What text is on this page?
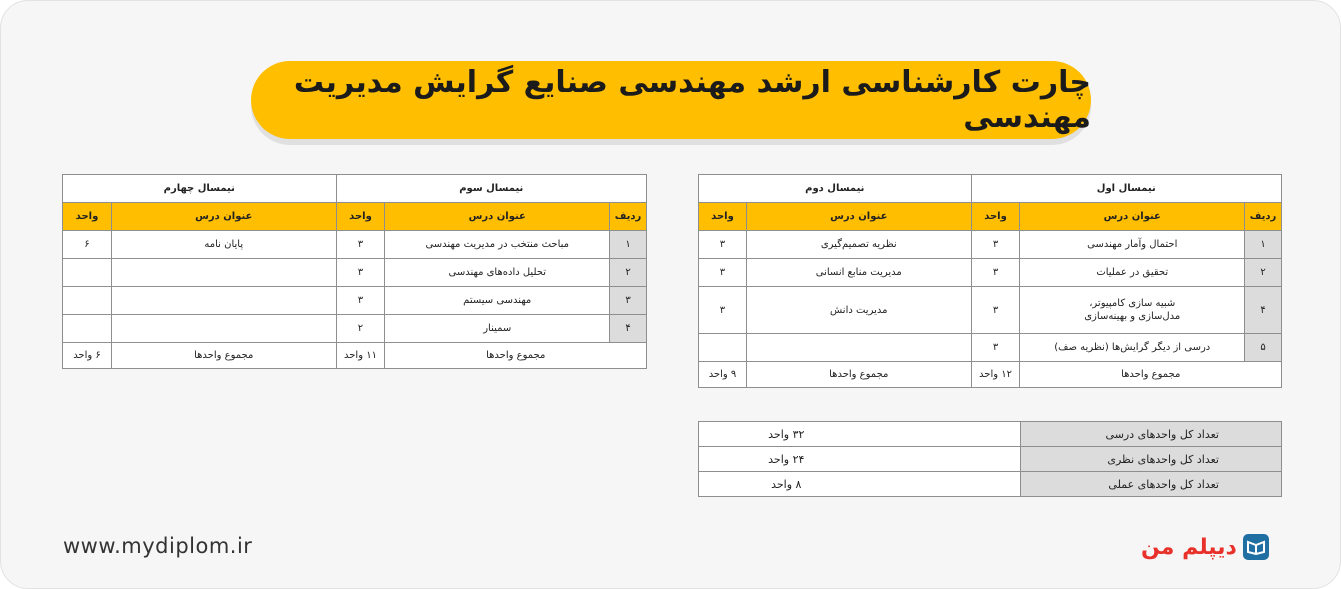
چارت کارشناسی ارشد مهندسی صنایع گرایش مدیریت مهندسی
نیمسال اول			نیمسال دوم	
ردیف	عنوان درس	واحد	عنوان درس	واحد
۱	احتمال وآمار مهندسی	۳	نظریه تصمیم‌گیری	۳
۲	تحقیق در عملیات	۳	مدیریت منابع انسانی	۳
۴	شبیه سازی کامپیوتر،
مدل‌سازی و بهینه‌سازی	۳	مدیریت دانش	۳
۵	درسی از دیگر گرایش‌ها (نظریه صف)	۳		
مجموع واحدها		۱۲ واحد	مجموع واحدها	۹ واحد
نیمسال سوم			نیمسال چهارم	
ردیف	عنوان درس	واحد	عنوان درس	واحد
۱	مباحث منتخب در مدیریت مهندسی	۳	پایان نامه	۶
۲	تحلیل داده‌های مهندسی	۳		
۳	مهندسی سیستم	۳		
۴	سمینار	۲		
مجموع واحدها		۱۱ واحد	مجموع واحدها	۶ واحد
تعداد کل واحدهای درسی	۳۲ واحد
تعداد کل واحدهای نظری	۲۴ واحد
تعداد کل واحدهای عملی	۸ واحد
www.mydiplom.ir	دیپلم من
